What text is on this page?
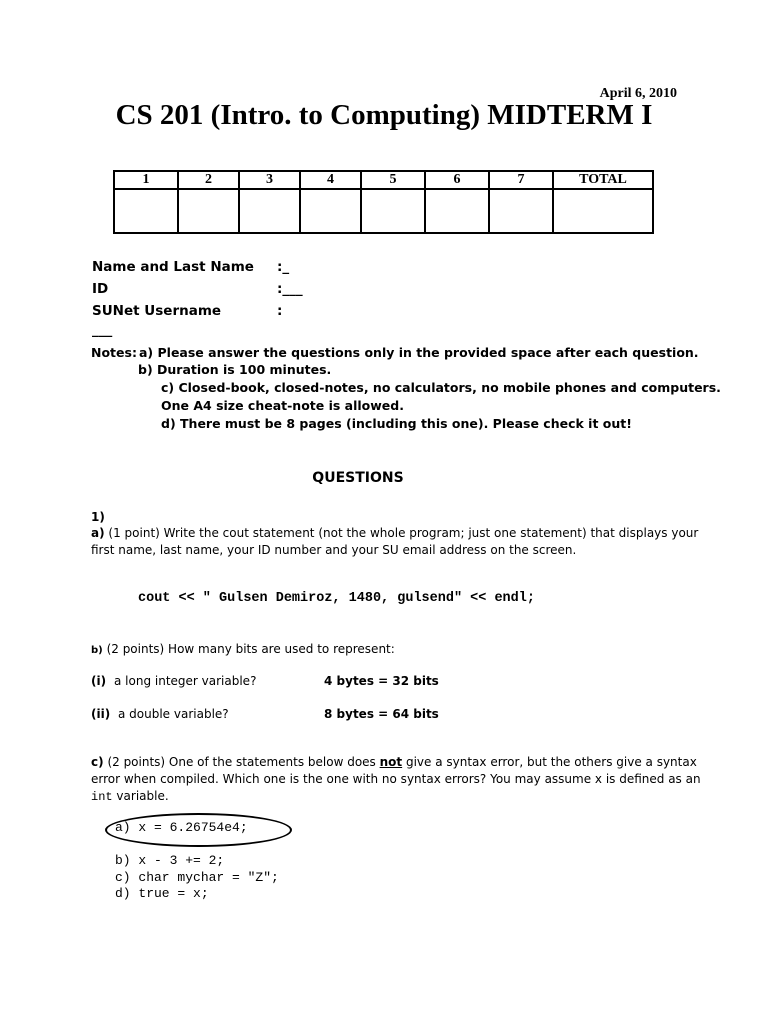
April 6, 2010
CS 201 (Intro. to Computing) MIDTERM I
1	2	3	4	5	6	7	TOTAL

Name and Last Name :_
ID	:___
SUNet Username	:
___
Notes: a) Please answer the questions only in the provided space after each question.
b) Duration is 100 minutes.
c) Closed-book, closed-notes, no calculators, no mobile phones and computers.
One A4 size cheat-note is allowed.
d) There must be 8 pages (including this one). Please check it out!
QUESTIONS
1)
a) (1 point) Write the cout statement (not the whole program; just one statement) that displays your
first name, last name, your ID number and your SU email address on the screen.
cout << " Gulsen Demiroz, 1480, gulsend" << endl;
b) (2 points) How many bits are used to represent:
(i) a long integer variable?	4 bytes = 32 bits
(ii) a double variable?	8 bytes = 64 bits
c) (2 points) One of the statements below does not give a syntax error, but the others give a syntax
error when compiled. Which one is the one with no syntax errors? You may assume x is defined as an
int variable.
a) x = 6.26754e4;
b) x - 3 += 2;
c) char mychar = "Z";
d) true = x;
